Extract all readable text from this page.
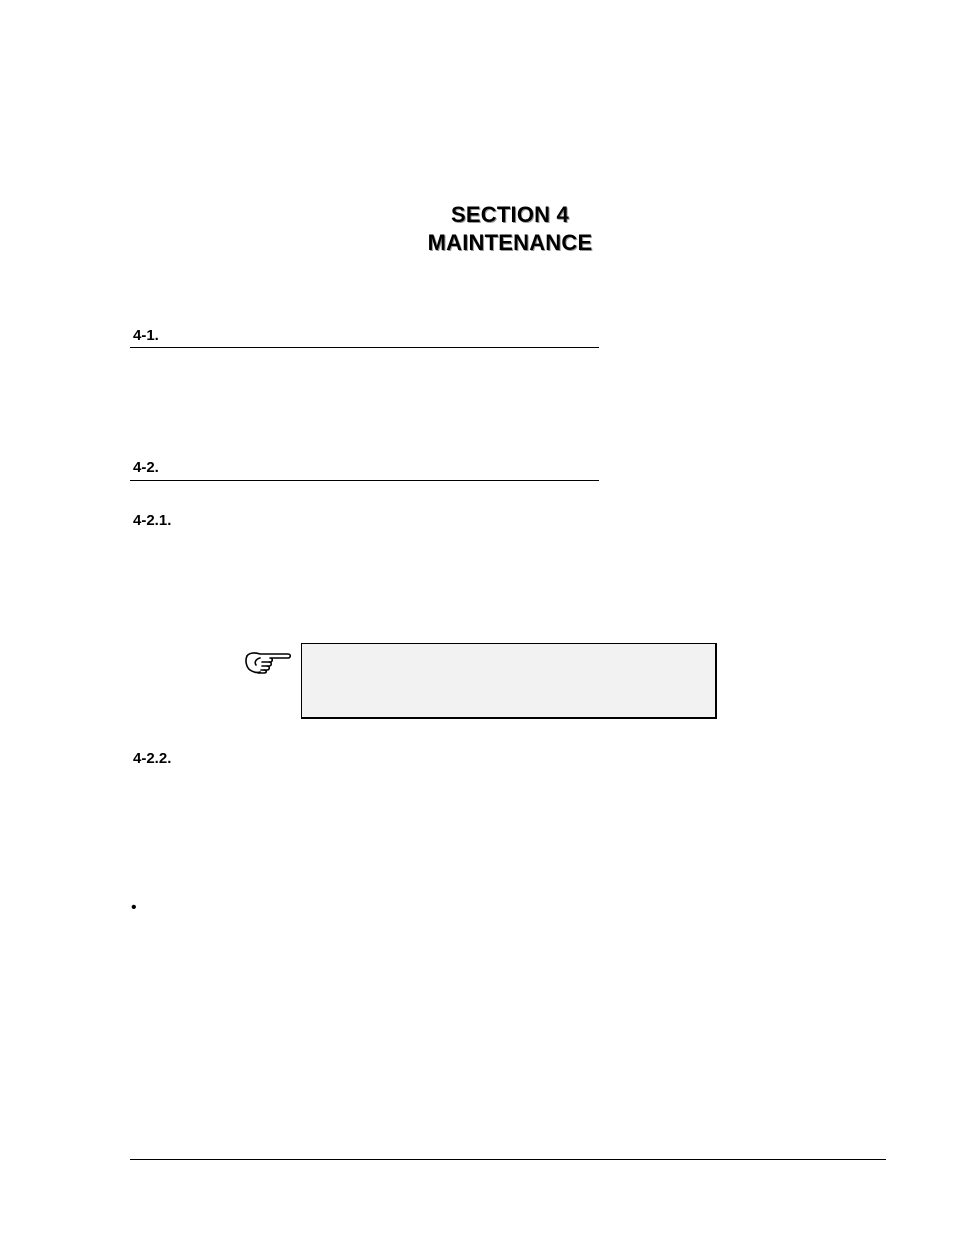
SECTION 4
MAINTENANCE
4-1.
4-2.
4-2.1.
4-2.2.
•
